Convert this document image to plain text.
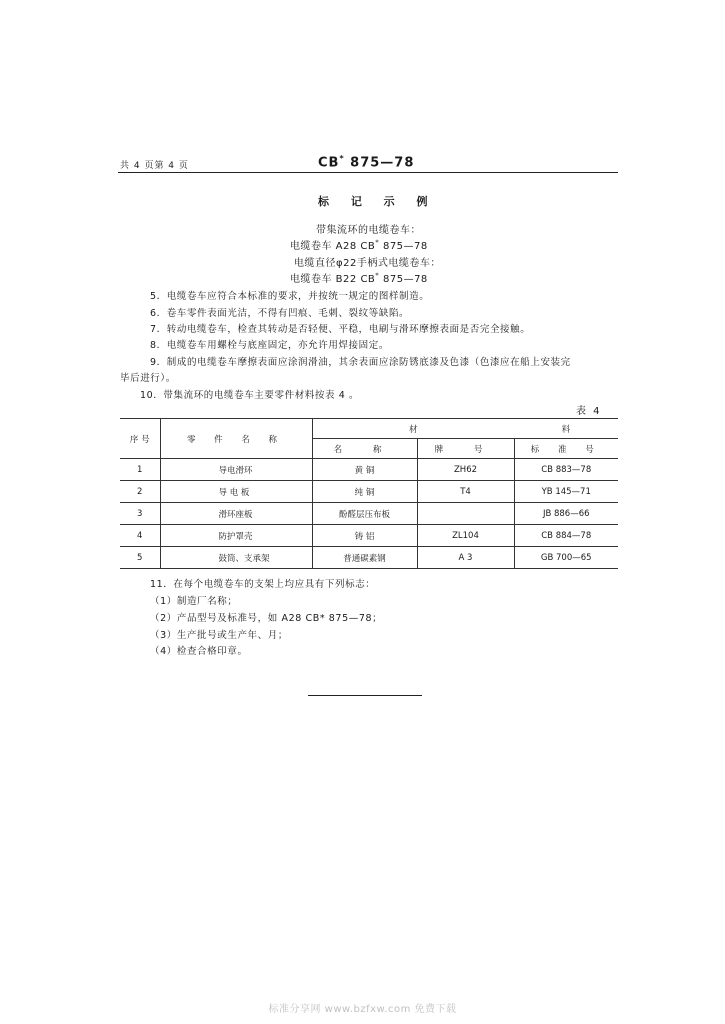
共 4 页第 4 页	CB* 875—78
标 记 示 例
带集流环的电缆卷车：
电缆卷车 A28 CB* 875—78
电缆直径φ22手柄式电缆卷车：
电缆卷车 B22 CB* 875—78
5．电缆卷车应符合本标准的要求，并按统一规定的图样制造。
6．卷车零件表面光洁，不得有凹痕、毛刺、裂纹等缺陷。
7．转动电缆卷车，检查其转动是否轻便、平稳，电刷与滑环摩擦表面是否完全接触。
8．电缆卷车用螺栓与底座固定，亦允许用焊接固定。
9．制成的电缆卷车摩擦表面应涂润滑油，其余表面应涂防锈底漆及色漆（色漆应在船上安装完
毕后进行）。
10．带集流环的电缆卷车主要零件材料按表 4 。
表 4
序 号	零 件 名 称	材		料
		名 称	牌 号	标 准 号
1	导电滑环	黄 铜	ZH62	CB 883—78
2	导 电 板	纯 铜	T4	YB 145—71
3	滑环座板	酚醛层压布板		JB 886—66
4	防护罩壳	铸 铝	ZL104	CB 884—78
5	鼓筒、支承架	普通碳素钢	A 3	GB 700—65
11．在每个电缆卷车的支架上均应具有下列标志：
（1）制造厂名称；
（2）产品型号及标准号，如 A28 CB* 875—78；
（3）生产批号或生产年、月；
（4）检查合格印章。
标准分享网 www.bzfxw.com 免费下载
